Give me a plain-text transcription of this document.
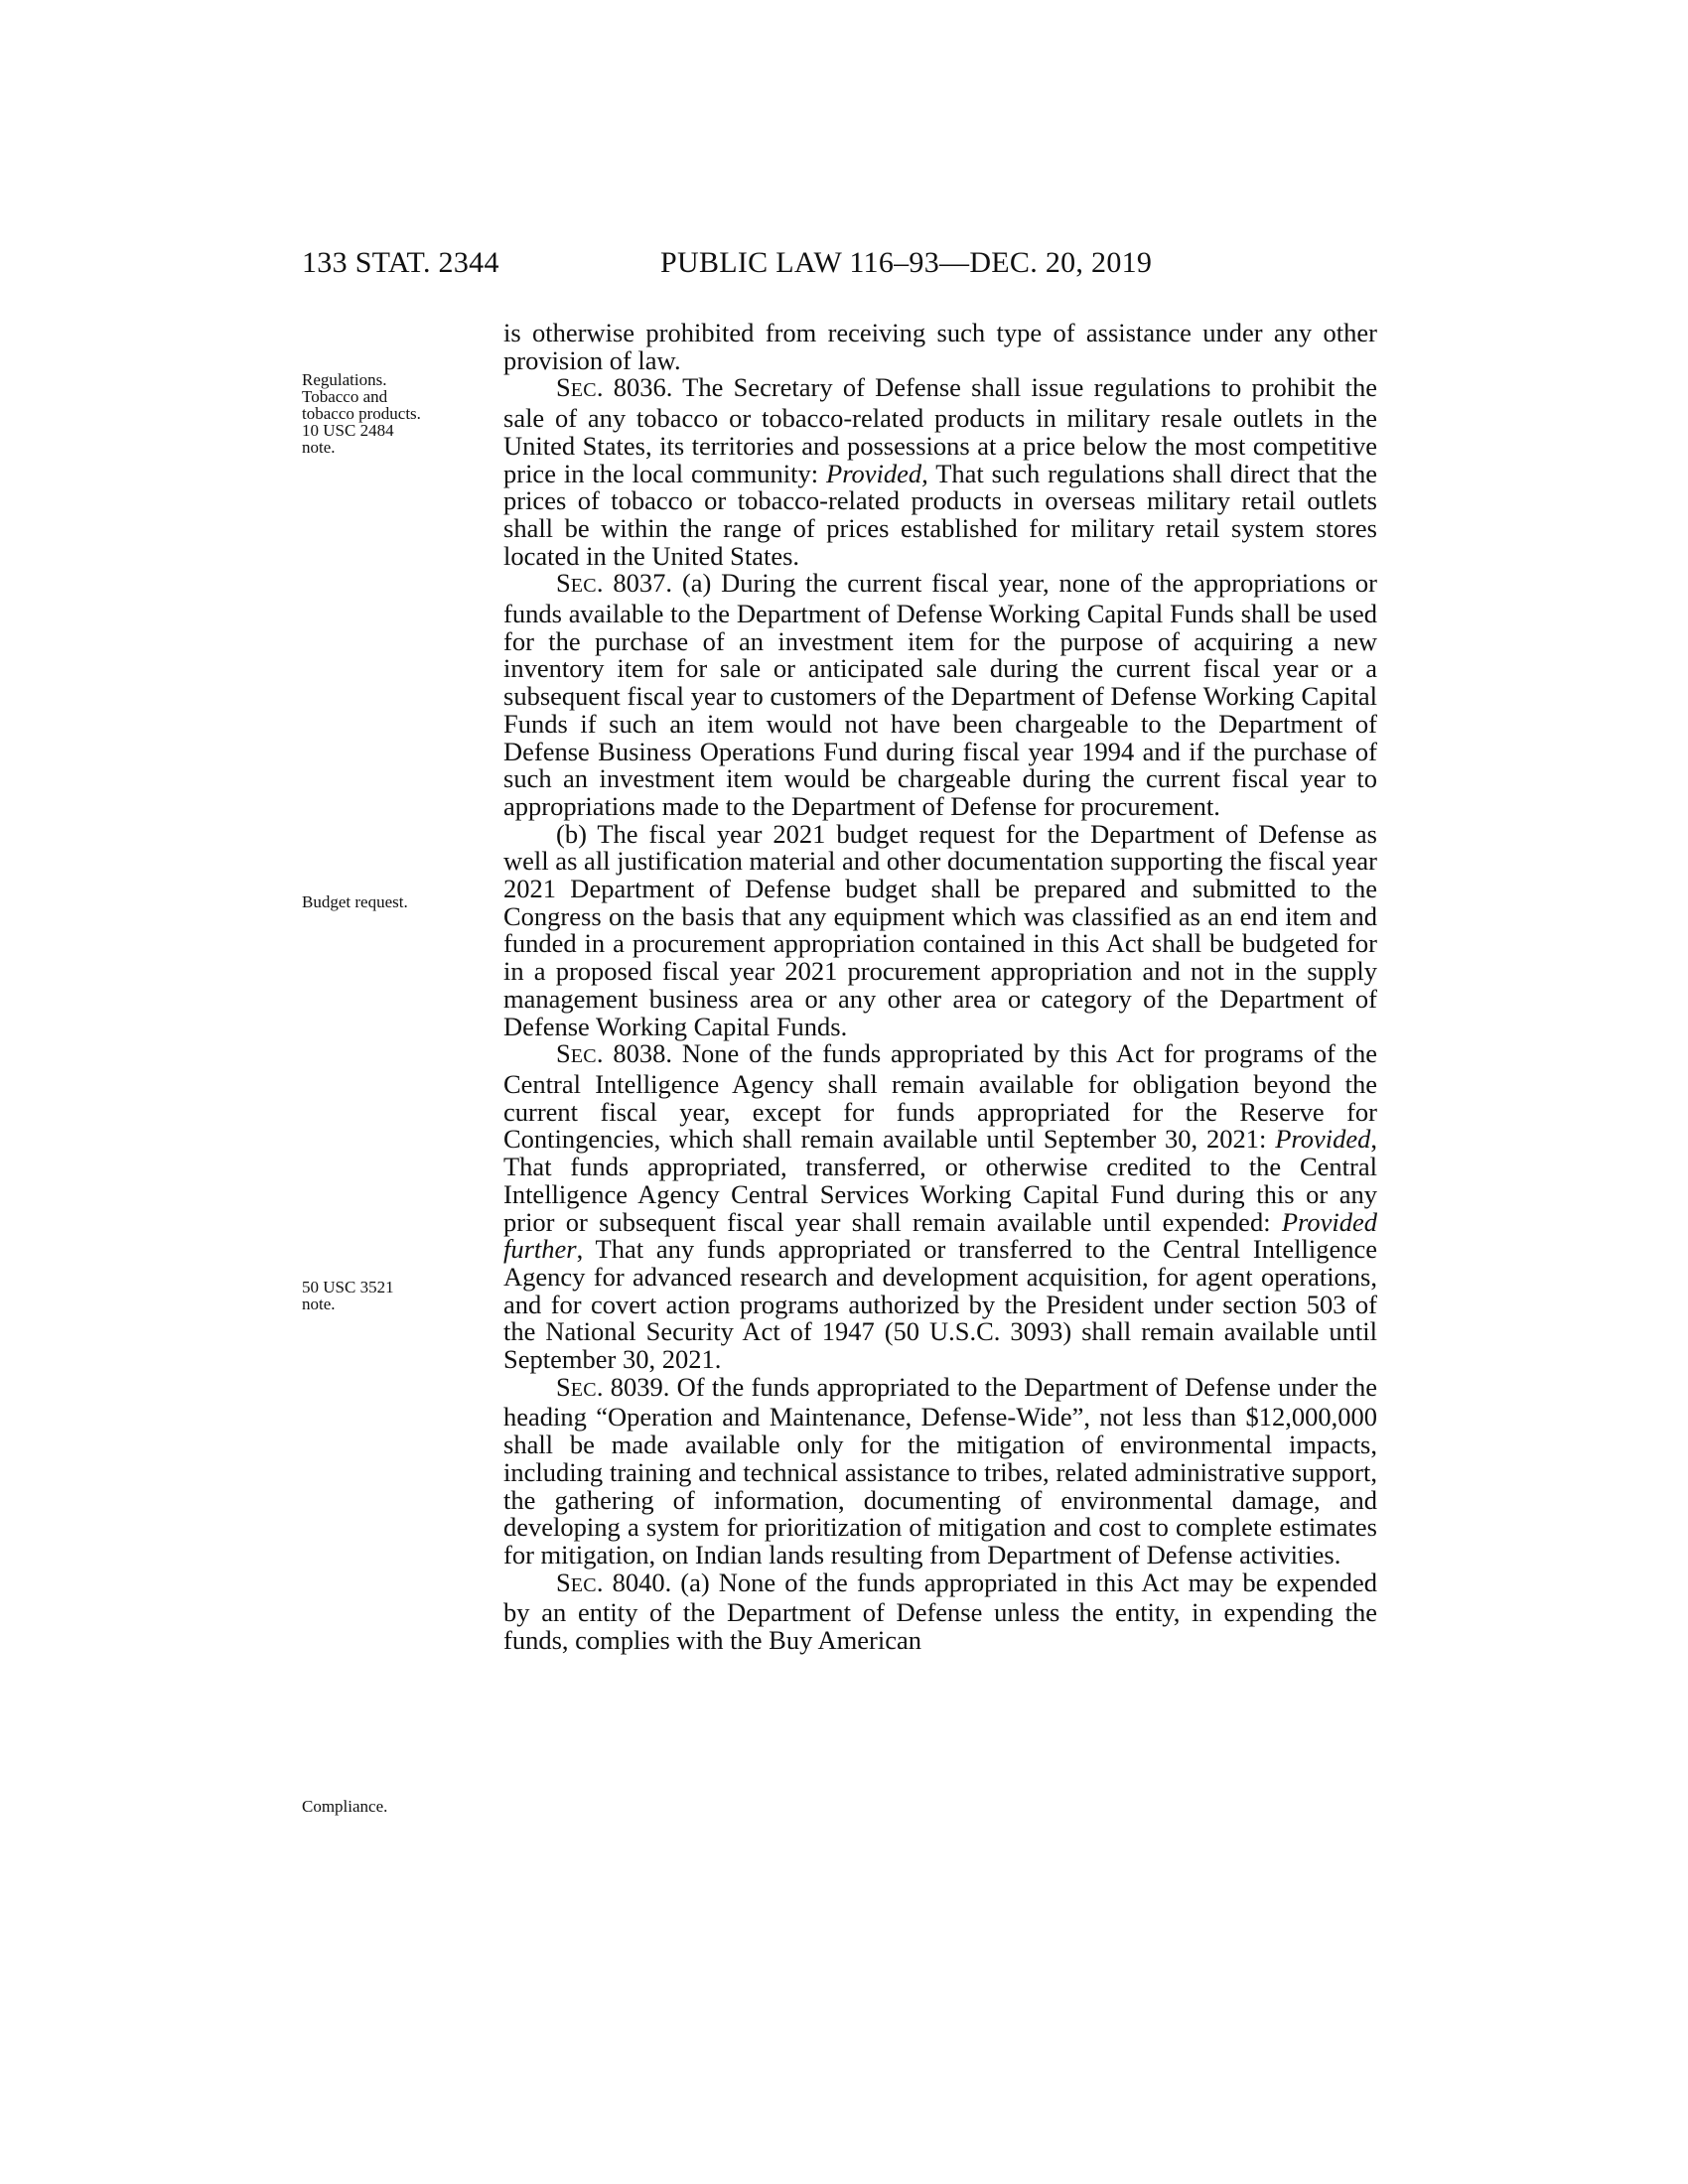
133 STAT. 2344	PUBLIC LAW 116–93—DEC. 20, 2019
Regulations.
Tobacco and
tobacco products.
10 USC 2484
note.
Budget request.
50 USC 3521
note.
Compliance.

is otherwise prohibited from receiving such type of assistance under any other provision of law.

SEC. 8036. The Secretary of Defense shall issue regulations to prohibit the sale of any tobacco or tobacco-related products in military resale outlets in the United States, its territories and possessions at a price below the most competitive price in the local community: Provided, That such regulations shall direct that the prices of tobacco or tobacco-related products in overseas military retail outlets shall be within the range of prices established for military retail system stores located in the United States.

SEC. 8037. (a) During the current fiscal year, none of the appropriations or funds available to the Department of Defense Working Capital Funds shall be used for the purchase of an investment item for the purpose of acquiring a new inventory item for sale or anticipated sale during the current fiscal year or a subsequent fiscal year to customers of the Department of Defense Working Capital Funds if such an item would not have been chargeable to the Department of Defense Business Operations Fund during fiscal year 1994 and if the purchase of such an investment item would be chargeable during the current fiscal year to appropriations made to the Department of Defense for procurement.

(b) The fiscal year 2021 budget request for the Department of Defense as well as all justification material and other documentation supporting the fiscal year 2021 Department of Defense budget shall be prepared and submitted to the Congress on the basis that any equipment which was classified as an end item and funded in a procurement appropriation contained in this Act shall be budgeted for in a proposed fiscal year 2021 procurement appropriation and not in the supply management business area or any other area or category of the Department of Defense Working Capital Funds.

SEC. 8038. None of the funds appropriated by this Act for programs of the Central Intelligence Agency shall remain available for obligation beyond the current fiscal year, except for funds appropriated for the Reserve for Contingencies, which shall remain available until September 30, 2021: Provided, That funds appropriated, transferred, or otherwise credited to the Central Intelligence Agency Central Services Working Capital Fund during this or any prior or subsequent fiscal year shall remain available until expended: Provided further, That any funds appropriated or transferred to the Central Intelligence Agency for advanced research and development acquisition, for agent operations, and for covert action programs authorized by the President under section 503 of the National Security Act of 1947 (50 U.S.C. 3093) shall remain available until September 30, 2021.

SEC. 8039. Of the funds appropriated to the Department of Defense under the heading “Operation and Maintenance, Defense-Wide”, not less than $12,000,000 shall be made available only for the mitigation of environmental impacts, including training and technical assistance to tribes, related administrative support, the gathering of information, documenting of environmental damage, and developing a system for prioritization of mitigation and cost to complete estimates for mitigation, on Indian lands resulting from Department of Defense activities.

SEC. 8040. (a) None of the funds appropriated in this Act may be expended by an entity of the Department of Defense unless the entity, in expending the funds, complies with the Buy American
